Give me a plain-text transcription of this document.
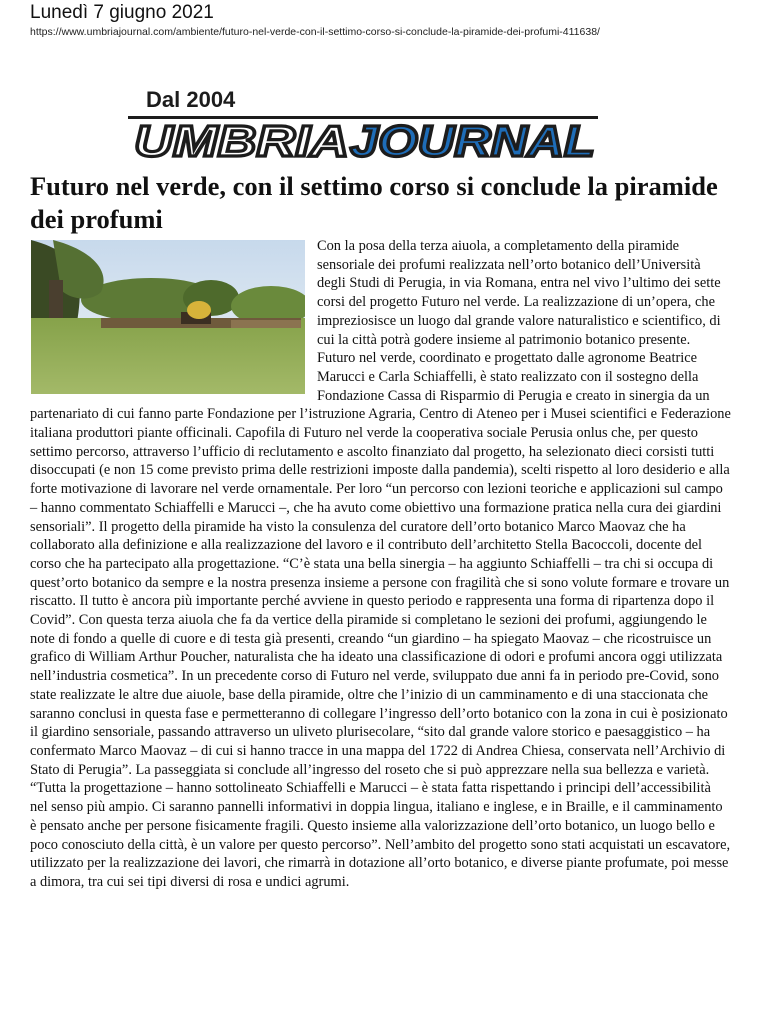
Lunedì 7 giugno 2021
https://www.umbriajournal.com/ambiente/futuro-nel-verde-con-il-settimo-corso-si-conclude-la-piramide-dei-profumi-411638/
Dal 2004
UMBRIA JOURNAL
Futuro nel verde, con il settimo corso si conclude la piramide dei profumi
Con la posa della terza aiuola, a completamento della piramide sensoriale dei profumi realizzata nell’orto botanico dell’Università degli Studi di Perugia, in via Romana, entra nel vivo l’ultimo dei sette corsi del progetto Futuro nel verde. La realizzazione di un’opera, che impreziosisce un luogo dal grande valore naturalistico e scientifico, di cui la città potrà godere insieme al patrimonio botanico presente. Futuro nel verde, coordinato e progettato dalle agronome Beatrice Marucci e Carla Schiaffelli, è stato realizzato con il sostegno della Fondazione Cassa di Risparmio di Perugia e creato in sinergia da un partenariato di cui fanno parte Fondazione per l’istruzione Agraria, Centro di Ateneo per i Musei scientifici e Federazione italiana produttori piante officinali. Capofila di Futuro nel verde la cooperativa sociale Perusia onlus che, per questo settimo percorso, attraverso l’ufficio di reclutamento e ascolto finanziato dal progetto, ha selezionato dieci corsisti tutti disoccupati (e non 15 come previsto prima delle restrizioni imposte dalla pandemia), scelti rispetto al loro desiderio e alla forte motivazione di lavorare nel verde ornamentale. Per loro “un percorso con lezioni teoriche e applicazioni sul campo – hanno commentato Schiaffelli e Marucci –, che ha avuto come obiettivo una formazione pratica nella cura dei giardini sensoriali”. Il progetto della piramide ha visto la consulenza del curatore dell’orto botanico Marco Maovaz che ha collaborato alla definizione e alla realizzazione del lavoro e il contributo dell’architetto Stella Bacoccoli, docente del corso che ha partecipato alla progettazione. “C’è stata una bella sinergia – ha aggiunto Schiaffelli – tra chi si occupa di quest’orto botanico da sempre e la nostra presenza insieme a persone con fragilità che si sono volute formare e trovare un riscatto. Il tutto è ancora più importante perché avviene in questo periodo e rappresenta una forma di ripartenza dopo il Covid”. Con questa terza aiuola che fa da vertice della piramide si completano le sezioni dei profumi, aggiungendo le note di fondo a quelle di cuore e di testa già presenti, creando “un giardino – ha spiegato Maovaz – che ricostruisce un grafico di William Arthur Poucher, naturalista che ha ideato una classificazione di odori e profumi ancora oggi utilizzata nell’industria cosmetica”. In un precedente corso di Futuro nel verde, sviluppato due anni fa in periodo pre-Covid, sono state realizzate le altre due aiuole, base della piramide, oltre che l’inizio di un camminamento e di una staccionata che saranno conclusi in questa fase e permetteranno di collegare l’ingresso dell’orto botanico con la zona in cui è posizionato il giardino sensoriale, passando attraverso un uliveto plurisecolare, “sito dal grande valore storico e paesaggistico – ha confermato Marco Maovaz – di cui si hanno tracce in una mappa del 1722 di Andrea Chiesa, conservata nell’Archivio di Stato di Perugia”. La passeggiata si conclude all’ingresso del roseto che si può apprezzare nella sua bellezza e varietà. “Tutta la progettazione – hanno sottolineato Schiaffelli e Marucci – è stata fatta rispettando i principi dell’accessibilità nel senso più ampio. Ci saranno pannelli informativi in doppia lingua, italiano e inglese, e in Braille, e il camminamento è pensato anche per persone fisicamente fragili. Questo insieme alla valorizzazione dell’orto botanico, un luogo bello e poco conosciuto della città, è un valore per questo percorso”. Nell’ambito del progetto sono stati acquistati un escavatore, utilizzato per la realizzazione dei lavori, che rimarrà in dotazione all’orto botanico, e diverse piante profumate, poi messe a dimora, tra cui sei tipi diversi di rosa e undici agrumi.
